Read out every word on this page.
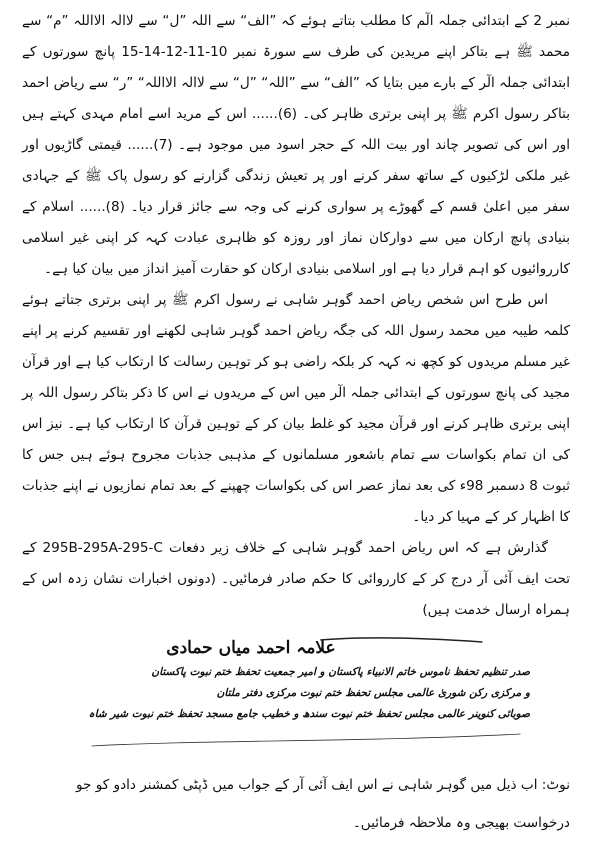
نمبر 2 کے ابتدائی جملہ الٓم کا مطلب بتاتے ہوئے کہ ”الف“ سے اللہ ”ل“ سے لاالہ الااللہ ”م“ سے محمد ﷺ ہے بتاکر اپنے مریدین کی طرف سے سورۃ نمبر 10-11-12-14-15 پانچ سورتوں کے ابتدائی جملہ الٓر کے بارے میں بتایا کہ ”الف“ سے ”اللہ“ ”ل“ سے لاالہ الااللہ“ ”ر“ سے ریاض احمد بتاکر رسول اکرم ﷺ پر اپنی برتری ظاہر کی۔ (6)...... اس کے مرید اسے امام مہدی کہتے ہیں اور اس کی تصویر چاند اور بیت اللہ کے حجر اسود میں موجود ہے۔ (7)...... قیمتی گاڑیوں اور غیر ملکی لڑکیوں کے ساتھ سفر کرنے اور پر تعیش زندگی گزارنے کو رسول پاک ﷺ کے جہادی سفر میں اعلیٰ قسم کے گھوڑے پر سواری کرنے کی وجہ سے جائز قرار دیا۔ (8)...... اسلام کے بنیادی پانچ ارکان میں سے دوارکان نماز اور روزہ کو ظاہری عبادت کہہ کر اپنی غیر اسلامی کارروائیوں کو اہم قرار دیا ہے اور اسلامی بنیادی ارکان کو حقارت آمیز انداز میں بیان کیا ہے۔

اس طرح اس شخص ریاض احمد گوہر شاہی نے رسول اکرم ﷺ پر اپنی برتری جتاتے ہوئے کلمہ طیبہ میں محمد رسول اللہ کی جگہ ریاض احمد گوہر شاہی لکھنے اور تقسیم کرنے پر اپنے غیر مسلم مریدوں کو کچھ نہ کہہ کر بلکہ راضی ہو کر توہین رسالت کا ارتکاب کیا ہے اور قرآن مجید کی پانچ سورتوں کے ابتدائی جملہ الٓر میں اس کے مریدوں نے اس کا ذکر بتاکر رسول اللہ پر اپنی برتری ظاہر کرنے اور قرآن مجید کو غلط بیان کر کے توہین قرآن کا ارتکاب کیا ہے۔ نیز اس کی ان تمام بکواسات سے تمام باشعور مسلمانوں کے مذہبی جذبات مجروح ہوئے ہیں جس کا ثبوت 8 دسمبر 98ء کی بعد نماز عصر اس کی بکواسات چھپنے کے بعد تمام نمازیوں نے اپنے جذبات کا اظہار کر کے مہیا کر دیا۔

گذارش ہے کہ اس ریاض احمد گوہر شاہی کے خلاف زیر دفعات 295B-295A-295-C کے تحت ایف آئی آر درج کر کے کارروائی کا حکم صادر فرمائیں۔ (دونوں اخبارات نشان زدہ اس کے ہمراہ ارسال خدمت ہیں)

علامہ احمد میاں حمادی
صدر تنظیم تحفظ ناموس خاتم الانبیاء پاکستان و امیر جمعیت تحفظ ختم نبوت پاکستان
و مرکزی رکن شوریٰ عالمی مجلس تحفظ ختم نبوت مرکزی دفتر ملتان
صوبائی کنوینر عالمی مجلس تحفظ ختم نبوت سندھ و خطیب جامع مسجد تحفظ ختم نبوت شیر شاہ
نوٹ: اب ذیل میں گوہر شاہی نے اس ایف آئی آر کے جواب میں ڈپٹی کمشنر دادو کو جو درخواست بھیجی وہ ملاحظہ فرمائیں۔
